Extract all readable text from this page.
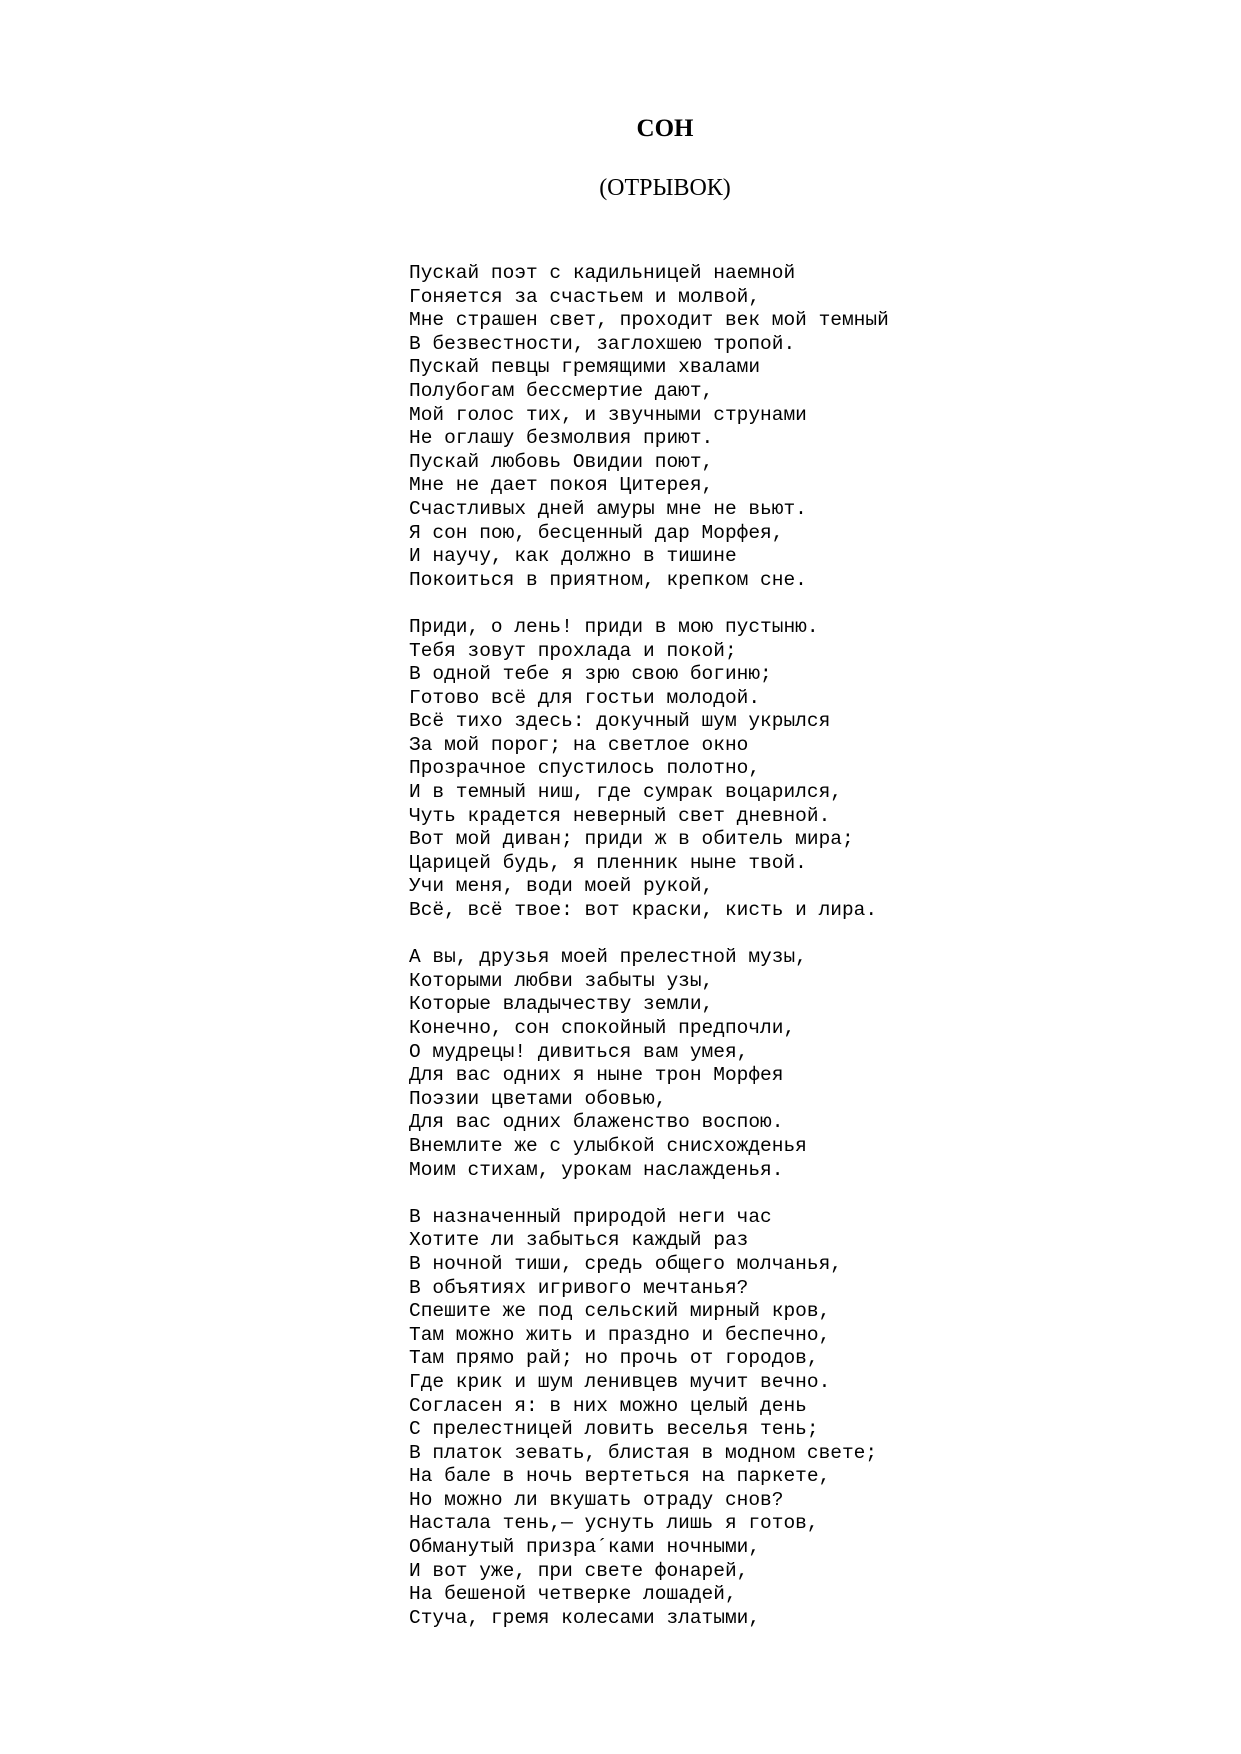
СОН
(ОТРЫВОК)
Пускай поэт с кадильницей наемной
Гоняется за счастьем и молвой,
Мне страшен свет, проходит век мой темный
В безвестности, заглохшею тропой.
Пускай певцы гремящими хвалами
Полубогам бессмертие дают,
Мой голос тих, и звучными струнами
Не оглашу безмолвия приют.
Пускай любовь Овидии поют,
Мне не дает покоя Цитерея,
Счастливых дней амуры мне не вьют.
Я сон пою, бесценный дар Морфея,
И научу, как должно в тишине
Покоиться в приятном, крепком сне.
Приди, о лень! приди в мою пустыню.
Тебя зовут прохлада и покой;
В одной тебе я зрю свою богиню;
Готово всё для гостьи молодой.
Всё тихо здесь: докучный шум укрылся
За мой порог; на светлое окно
Прозрачное спустилось полотно,
И в темный ниш, где сумрак воцарился,
Чуть крадется неверный свет дневной.
Вот мой диван; приди ж в обитель мира;
Царицей будь, я пленник ныне твой.
Учи меня, води моей рукой,
Всё, всё твое: вот краски, кисть и лира.
А вы, друзья моей прелестной музы,
Которыми любви забыты узы,
Которые владычеству земли,
Конечно, сон спокойный предпочли,
О мудрецы! дивиться вам умея,
Для вас одних я ныне трон Морфея
Поэзии цветами обовью,
Для вас одних блаженство воспою.
Внемлите же с улыбкой снисхожденья
Моим стихам, урокам наслажденья.
В назначенный природой неги час
Хотите ли забыться каждый раз
В ночной тиши, средь общего молчанья,
В объятиях игривого мечтанья?
Спешите же под сельский мирный кров,
Там можно жить и праздно и беспечно,
Там прямо рай; но прочь от городов,
Где крик и шум ленивцев мучит вечно.
Согласен я: в них можно целый день
С прелестницей ловить веселья тень;
В платок зевать, блистая в модном свете;
На бале в ночь вертеться на паркете,
Но можно ли вкушать отраду снов?
Настала тень,— уснуть лишь я готов,
Обманутый призра´ками ночными,
И вот уже, при свете фонарей,
На бешеной четверке лошадей,
Стуча, гремя колесами златыми,
